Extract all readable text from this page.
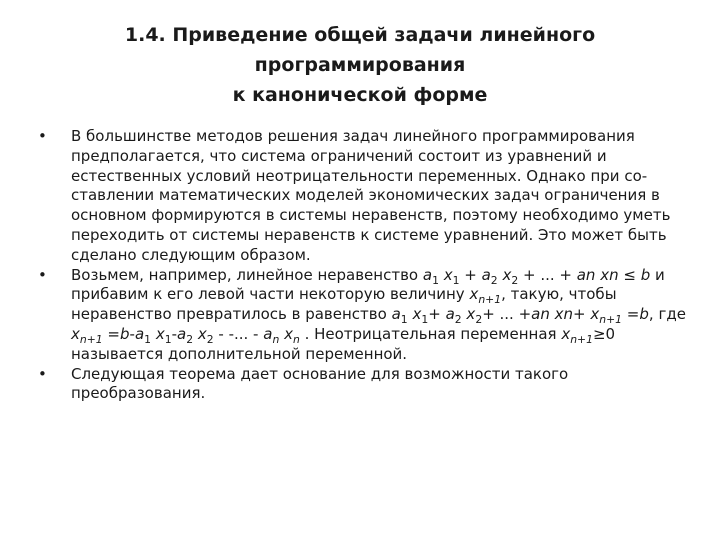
1.4. Приведение общей задачи линейного
программирования
к канонической форме
• В большинстве методов решения задач линейного программирования предполагается, что система ограничений состоит из уравнений и естественных условий неотрицательности переменных. Однако при со-ставлении математических моделей экономических задач ограничения в основном формируются в системы неравенств, поэтому необходимо уметь переходить от системы неравенств к системе уравнений. Это может быть сделано следующим образом.
• Возьмем, например, линейное неравенство $a_1$ $x_1 + a_2$ $x_2$ + ... + an xn ≤ b и прибавим к его левой части некоторую величину $x_{n+1}$, такую, чтобы неравенство превратилось в равенство $a_1$ $x_1+ a_2$ $x_2+$ ... +an $xn+ x_{n+1} =b$, где $x_{n+1} =b-a_1$ $x_1-a_2$ $x_2$ - -... - $a_n$ $x_n$ . Неотрицательная переменная $x_{n+1}\ge 0$ называется дополнительной переменной.
• Следующая теорема дает основание для возможности такого преобразования.
